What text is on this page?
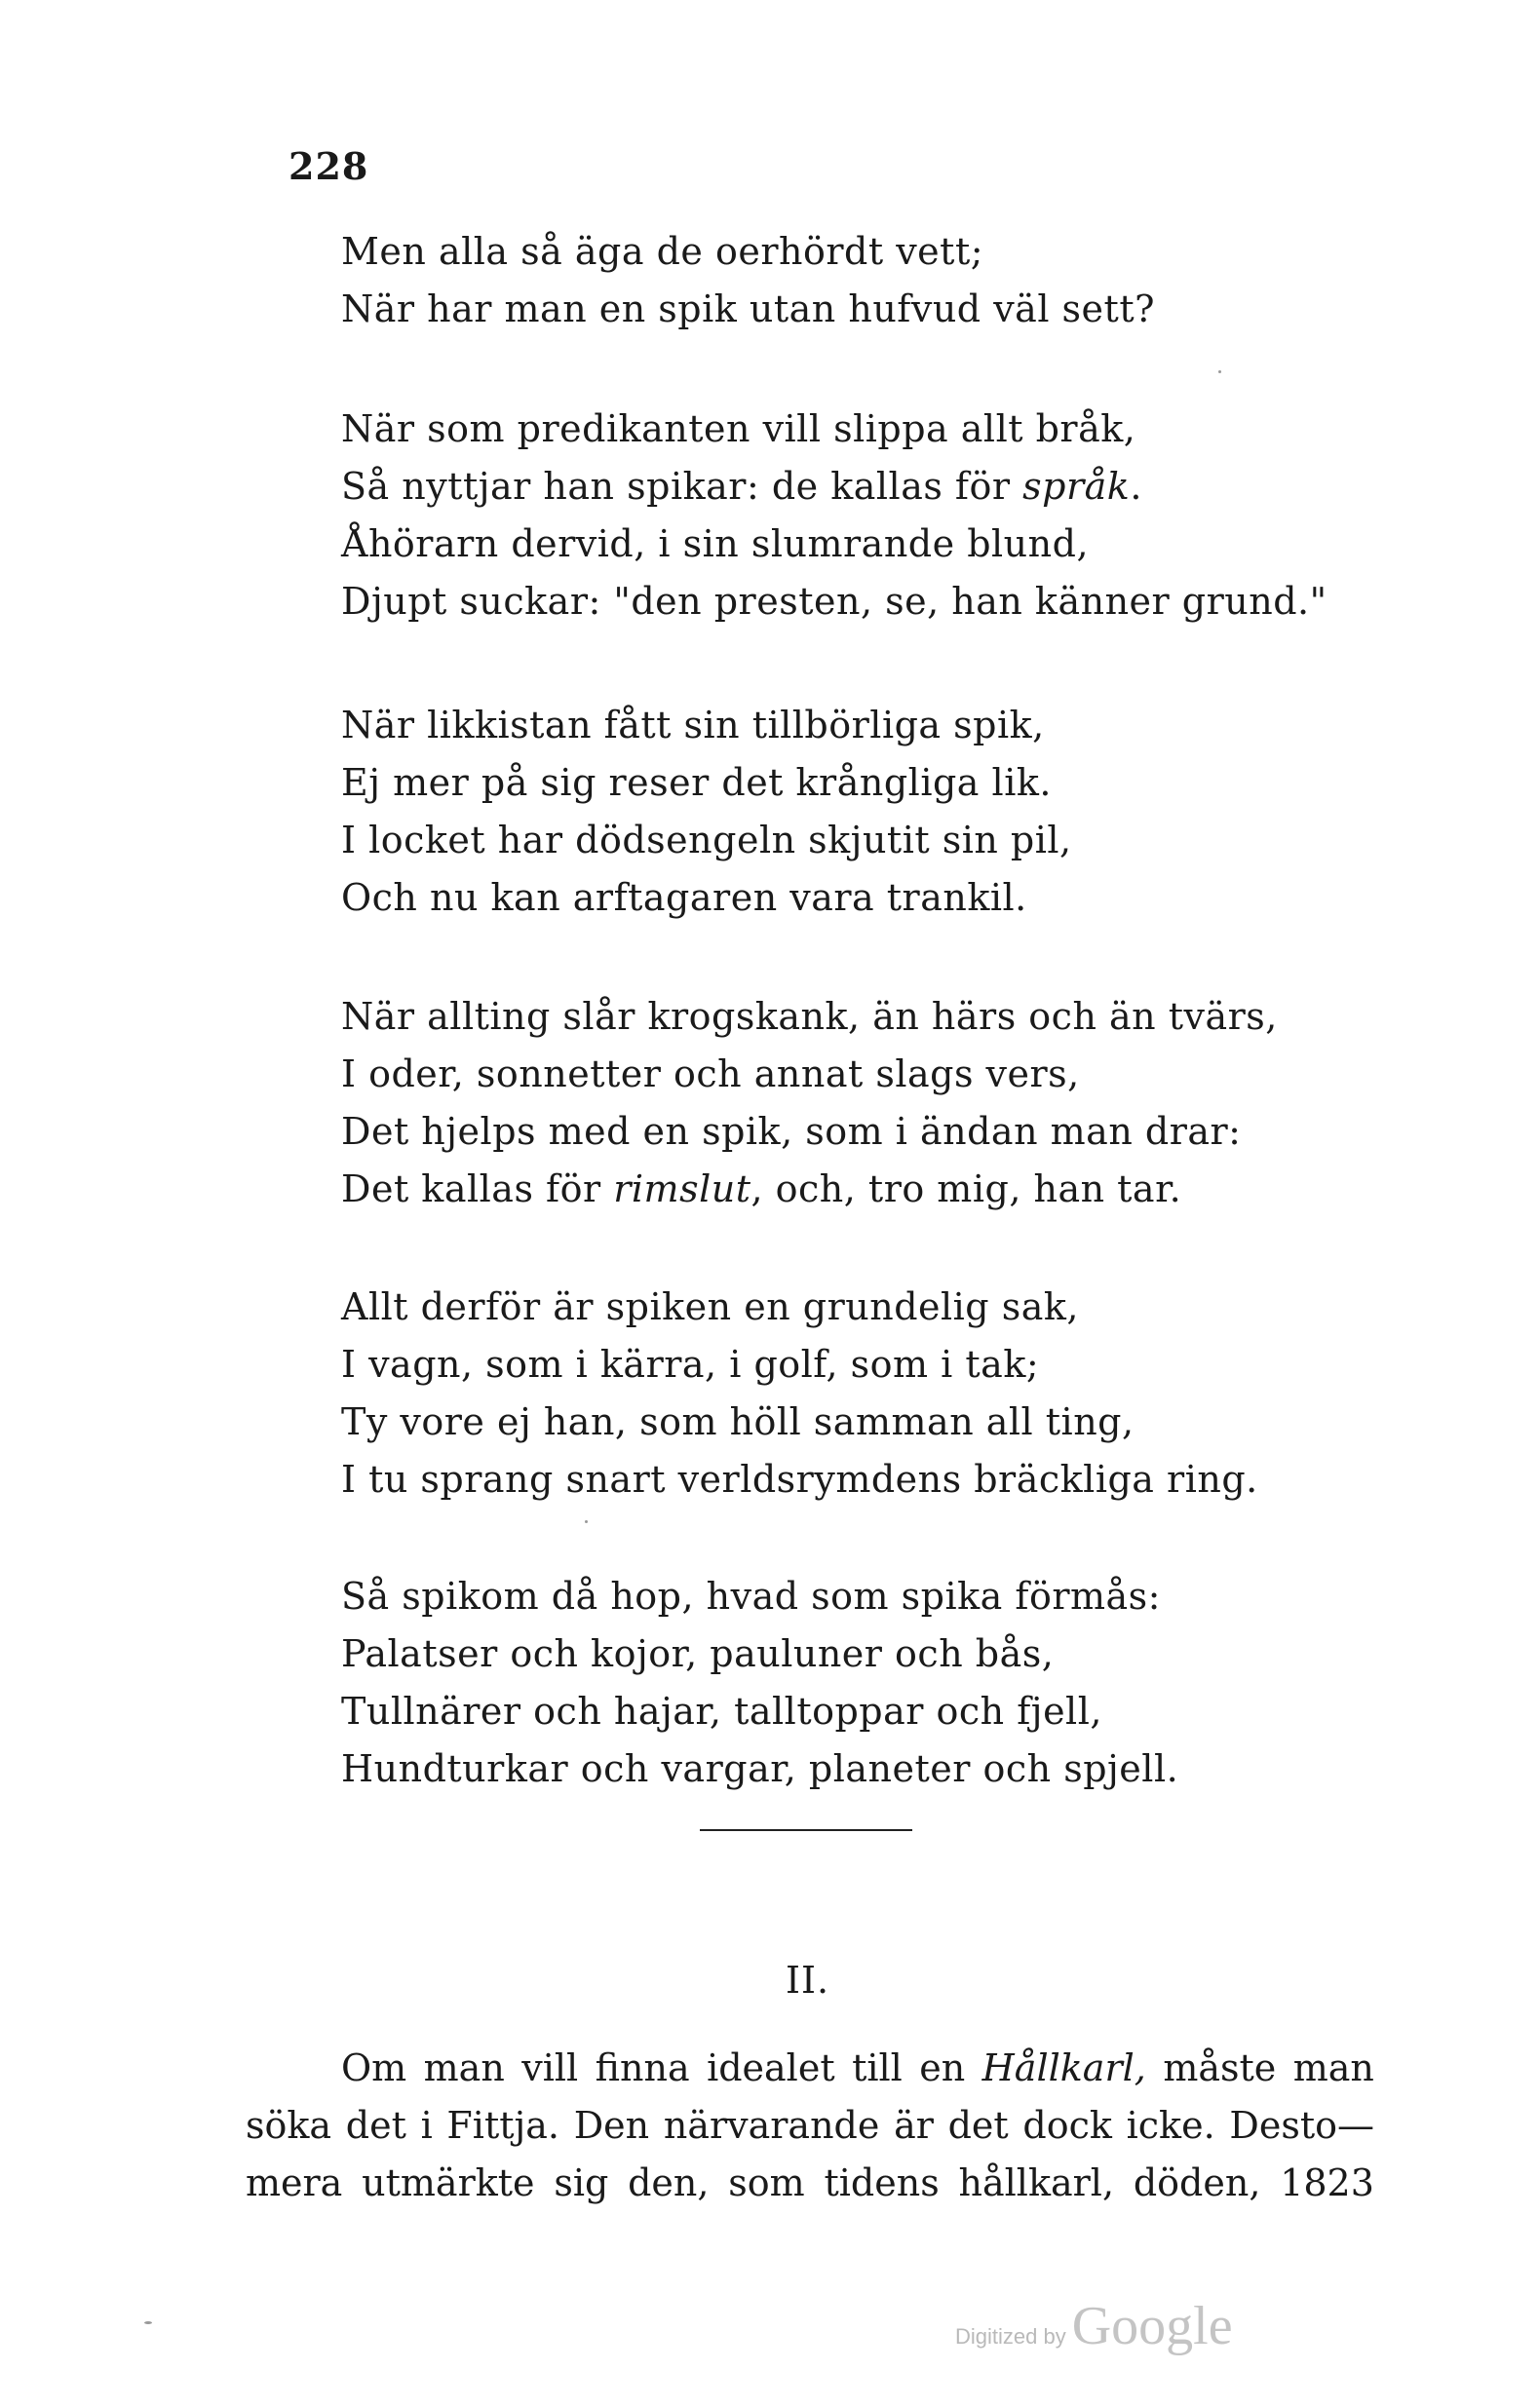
228
Men alla så äga de oerhördt vett;
När har man en spik utan hufvud väl sett?
När som predikanten vill slippa allt bråk,
Så nyttjar han spikar: de kallas för språk.
Åhörarn dervid, i sin slumrande blund,
Djupt suckar: "den presten, se, han känner grund."
När likkistan fått sin tillbörliga spik,
Ej mer på sig reser det krångliga lik.
I locket har dödsengeln skjutit sin pil,
Och nu kan arftagaren vara trankil.
När allting slår krogskank, än härs och än tvärs,
I oder, sonnetter och annat slags vers,
Det hjelps med en spik, som i ändan man drar:
Det kallas för rimslut, och, tro mig, han tar.
Allt derför är spiken en grundelig sak,
I vagn, som i kärra, i golf, som i tak;
Ty vore ej han, som höll samman all ting,
I tu sprang snart verldsrymdens bräckliga ring.
Så spikom då hop, hvad som spika förmås:
Palatser och kojor, pauluner och bås,
Tullnärer och hajar, talltoppar och fjell,
Hundturkar och vargar, planeter och spjell.
II.
Om man vill finna idealet till en Hållkarl, måste man
söka det i Fittja. Den närvarande är det dock icke. Desto—
mera utmärkte sig den, som tidens hållkarl, döden, 1823
Digitized by Google
